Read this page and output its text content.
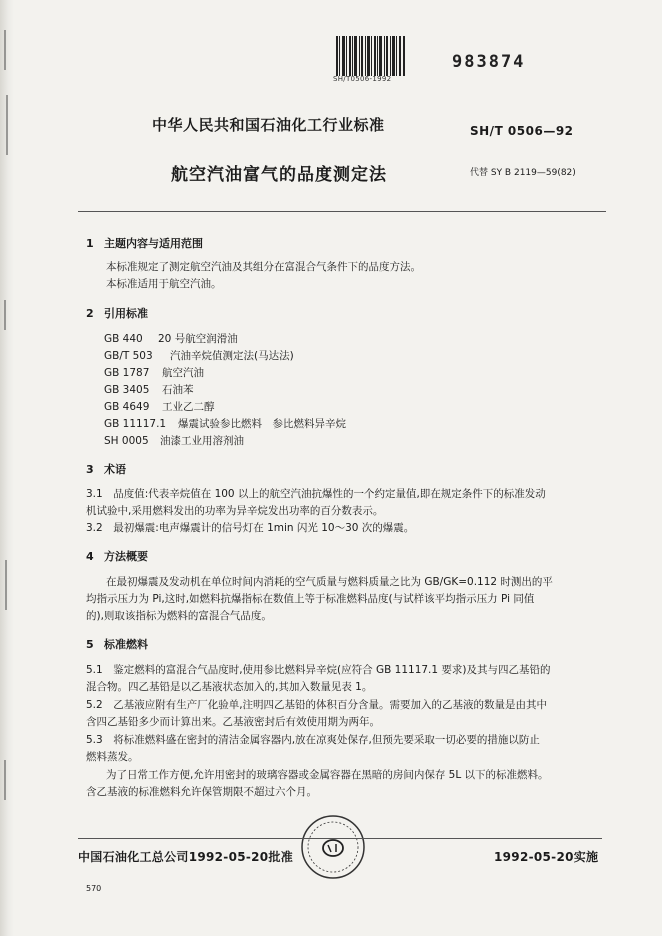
SH/T0506-1992
983874
中华人民共和国石油化工行业标准	SH/T 0506—92
航空汽油富气的品度测定法	代替 SY B 2119—59(82)
1 主题内容与适用范围
本标准规定了测定航空汽油及其组分在富混合气条件下的品度方法。
本标准适用于航空汽油。
2 引用标准
GB 440 20 号航空润滑油
GB/T 503 汽油辛烷值测定法(马达法)
GB 1787 航空汽油
GB 3405 石油苯
GB 4649 工业乙二醇
GB 11117.1 爆震试验参比燃料　参比燃料异辛烷
SH 0005 油漆工业用溶剂油
3 术语
3.1　品度值:代表辛烷值在 100 以上的航空汽油抗爆性的一个约定量值,即在规定条件下的标准发动
机试验中,采用燃料发出的功率为异辛烷发出功率的百分数表示。
3.2　最初爆震:电声爆震计的信号灯在 1min 闪光 10～30 次的爆震。
4 方法概要
在最初爆震及发动机在单位时间内消耗的空气质量与燃料质量之比为 GB/GK=0.112 时测出的平
均指示压力为 Pi,这时,如燃料抗爆指标在数值上等于标准燃料品度(与试样该平均指示压力 Pi 同值
的),则取该指标为燃料的富混合气品度。
5 标准燃料
5.1　鉴定燃料的富混合气品度时,使用参比燃料异辛烷(应符合 GB 11117.1 要求)及其与四乙基铅的
混合物。四乙基铅是以乙基液状态加入的,其加入数量见表 1。
5.2　乙基液应附有生产厂化验单,注明四乙基铅的体积百分含量。需要加入的乙基液的数量是由其中
含四乙基铅多少而计算出来。乙基液密封后有效使用期为两年。
5.3　将标准燃料盛在密封的清洁金属容器内,放在凉爽处保存,但预先要采取一切必要的措施以防止
燃料蒸发。
为了日常工作方便,允许用密封的玻璃容器或金属容器在黑暗的房间内保存 5L 以下的标准燃料。
含乙基液的标准燃料允许保管期限不超过六个月。
中国石油化工总公司1992-05-20批准	1992-05-20实施
570
